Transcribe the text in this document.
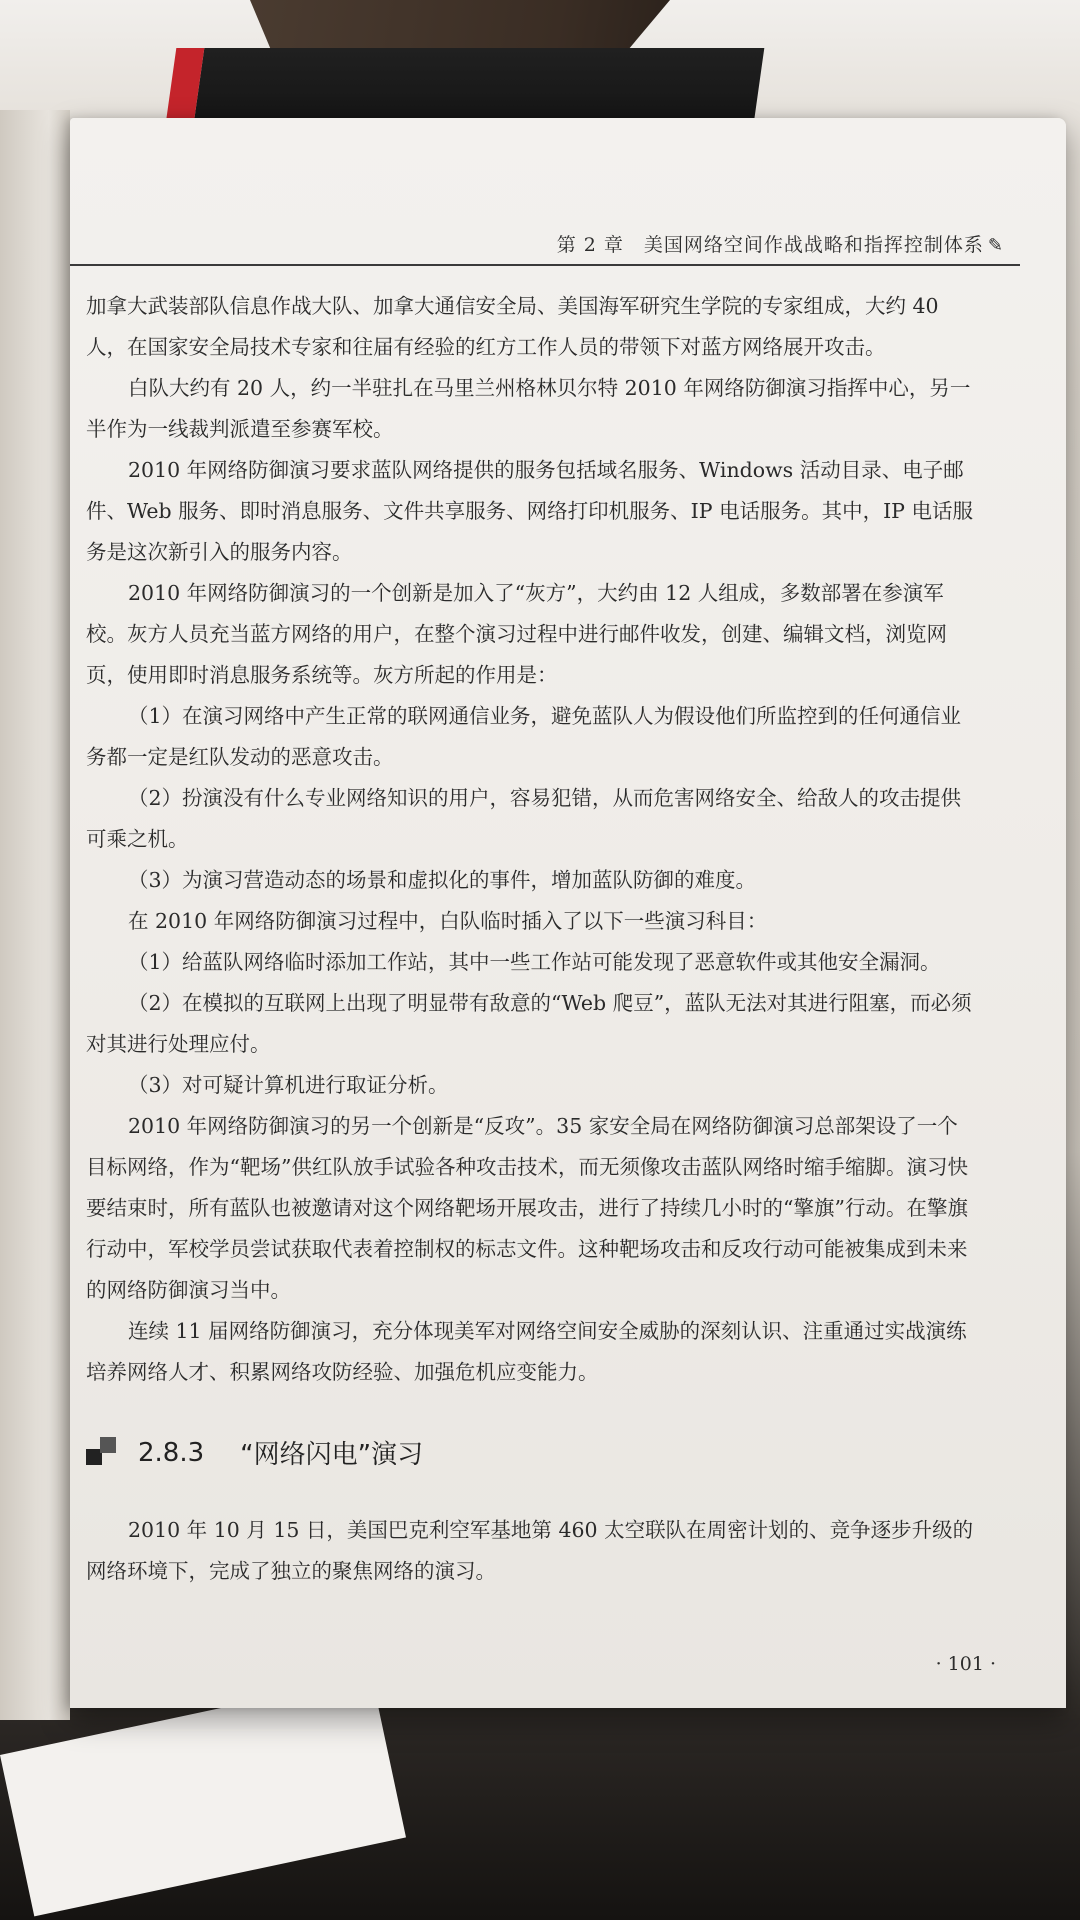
第 2 章　美国网络空间作战战略和指挥控制体系 ✎

加拿大武装部队信息作战大队、加拿大通信安全局、美国海军研究生学院的专家组成，大约 40 人，在国家安全局技术专家和往届有经验的红方工作人员的带领下对蓝方网络展开攻击。

白队大约有 20 人，约一半驻扎在马里兰州格林贝尔特 2010 年网络防御演习指挥中心，另一半作为一线裁判派遣至参赛军校。

2010 年网络防御演习要求蓝队网络提供的服务包括域名服务、Windows 活动目录、电子邮件、Web 服务、即时消息服务、文件共享服务、网络打印机服务、IP 电话服务。其中，IP 电话服务是这次新引入的服务内容。

2010 年网络防御演习的一个创新是加入了“灰方”，大约由 12 人组成，多数部署在参演军校。灰方人员充当蓝方网络的用户，在整个演习过程中进行邮件收发，创建、编辑文档，浏览网页，使用即时消息服务系统等。灰方所起的作用是：

（1）在演习网络中产生正常的联网通信业务，避免蓝队人为假设他们所监控到的任何通信业务都一定是红队发动的恶意攻击。

（2）扮演没有什么专业网络知识的用户，容易犯错，从而危害网络安全、给敌人的攻击提供可乘之机。

（3）为演习营造动态的场景和虚拟化的事件，增加蓝队防御的难度。

在 2010 年网络防御演习过程中，白队临时插入了以下一些演习科目：

（1）给蓝队网络临时添加工作站，其中一些工作站可能发现了恶意软件或其他安全漏洞。

（2）在模拟的互联网上出现了明显带有敌意的“Web 爬豆”，蓝队无法对其进行阻塞，而必须对其进行处理应付。

（3）对可疑计算机进行取证分析。

2010 年网络防御演习的另一个创新是“反攻”。35 家安全局在网络防御演习总部架设了一个目标网络，作为“靶场”供红队放手试验各种攻击技术，而无须像攻击蓝队网络时缩手缩脚。演习快要结束时，所有蓝队也被邀请对这个网络靶场开展攻击，进行了持续几小时的“擎旗”行动。在擎旗行动中，军校学员尝试获取代表着控制权的标志文件。这种靶场攻击和反攻行动可能被集成到未来的网络防御演习当中。

连续 11 届网络防御演习，充分体现美军对网络空间安全威胁的深刻认识、注重通过实战演练培养网络人才、积累网络攻防经验、加强危机应变能力。

2.8.3 “网络闪电”演习

2010 年 10 月 15 日，美国巴克利空军基地第 460 太空联队在周密计划的、竞争逐步升级的网络环境下，完成了独立的聚焦网络的演习。

· 101 ·
